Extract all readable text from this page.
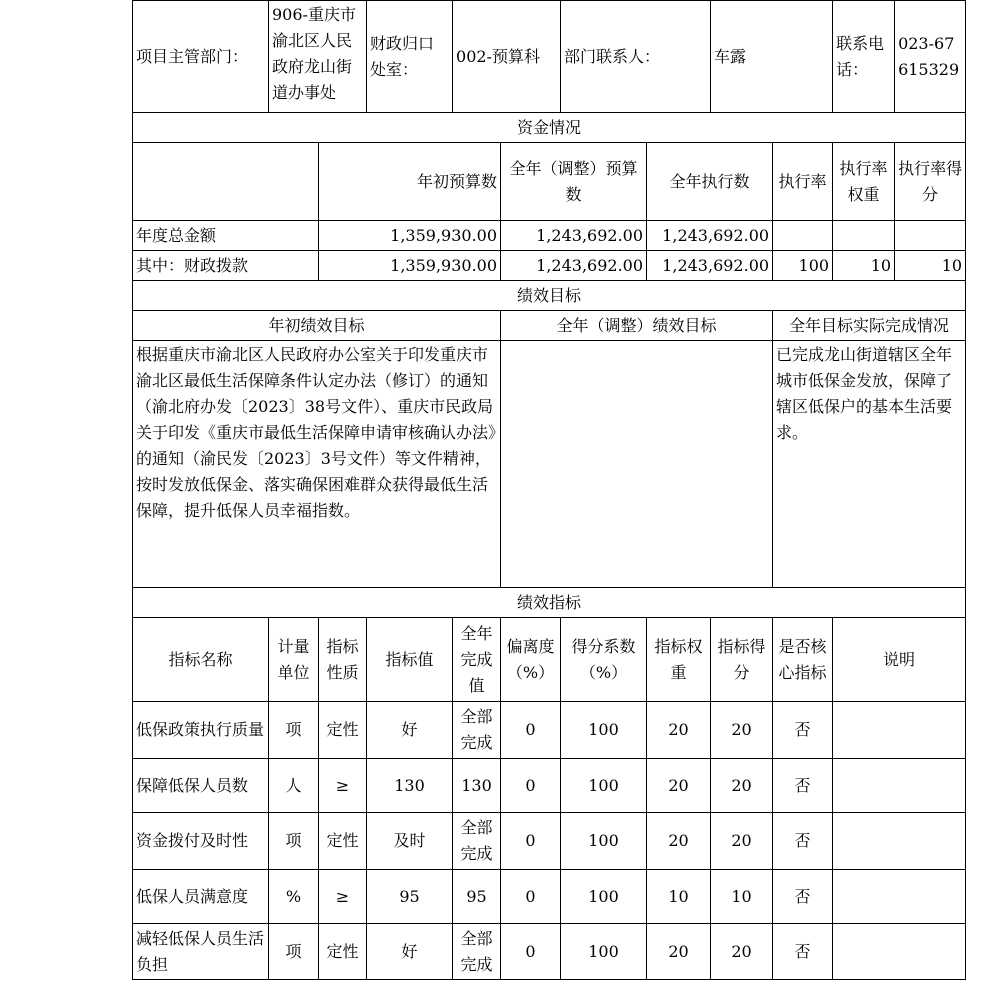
项目主管部门：	906-重庆市渝北区人民政府龙山街道办事处		财政归口处室：	002-预算科		部门联系人：		车露		联系电话：	023-67615329
资金情况											
		年初预算数			全年（调整）预算数		全年执行数		执行率	执行率权重	执行率得分
年度总金额		1,359,930.00			1,243,692.00		1,243,692.00				
其中：财政拨款		1,359,930.00			1,243,692.00		1,243,692.00		100	10	10
绩效目标											
年初绩效目标					全年（调整）绩效目标				全年目标实际完成情况		
根据重庆市渝北区人民政府办公室关于印发重庆市渝北区最低生活保障条件认定办法（修订）的通知（渝北府办发〔2023〕38号文件）、重庆市民政局关于印发《重庆市最低生活保障申请审核确认办法》的通知（渝民发〔2023〕3号文件）等文件精神，按时发放低保金、落实确保困难群众获得最低生活保障，提升低保人员幸福指数。									已完成龙山街道辖区全年城市低保金发放，保障了辖区低保户的基本生活要求。		
绩效指标											
指标名称	计量单位	指标性质	指标值	全年完成值	偏离度（%）	得分系数（%）	指标权重	指标得分	是否核心指标	说明	
低保政策执行质量	项	定性	好	全部完成	0	100	20	20	否		
保障低保人员数	人	≥	130	130	0	100	20	20	否		
资金拨付及时性	项	定性	及时	全部完成	0	100	20	20	否		
低保人员满意度	%	≥	95	95	0	100	10	10	否		
减轻低保人员生活负担	项	定性	好	全部完成	0	100	20	20	否		
